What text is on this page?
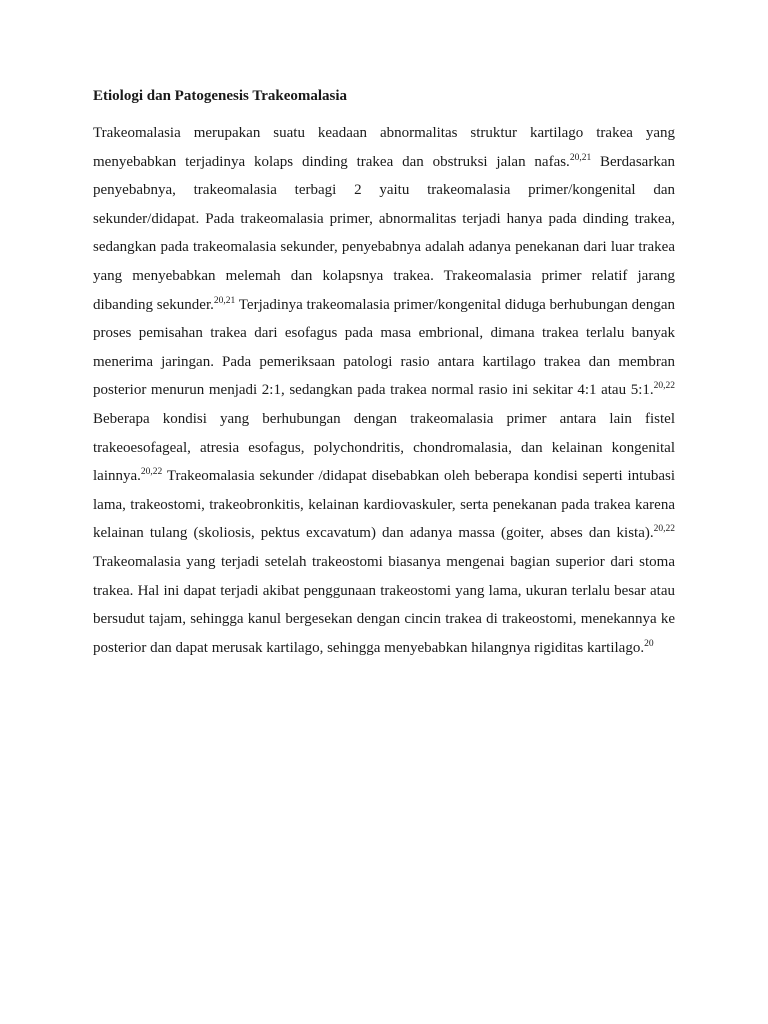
Etiologi dan Patogenesis Trakeomalasia

Trakeomalasia merupakan suatu keadaan abnormalitas struktur kartilago trakea yang menyebabkan terjadinya kolaps dinding trakea dan obstruksi jalan nafas.$^{20,21}$ Berdasarkan penyebabnya, trakeomalasia terbagi 2 yaitu trakeomalasia primer/kongenital dan sekunder/didapat. Pada trakeomalasia primer, abnormalitas terjadi hanya pada dinding trakea, sedangkan pada trakeomalasia sekunder, penyebabnya adalah adanya penekanan dari luar trakea yang menyebabkan melemah dan kolapsnya trakea. Trakeomalasia primer relatif jarang dibanding sekunder.$^{20,21}$ Terjadinya trakeomalasia primer/kongenital diduga berhubungan dengan proses pemisahan trakea dari esofagus pada masa embrional, dimana trakea terlalu banyak menerima jaringan. Pada pemeriksaan patologi rasio antara kartilago trakea dan membran posterior menurun menjadi 2:1, sedangkan pada trakea normal rasio ini sekitar 4:1 atau 5:1.$^{20,22}$ Beberapa kondisi yang berhubungan dengan trakeomalasia primer antara lain fistel trakeoesofageal, atresia esofagus, polychondritis, chondromalasia, dan kelainan kongenital lainnya.$^{20,22}$ Trakeomalasia sekunder /didapat disebabkan oleh beberapa kondisi seperti intubasi lama, trakeostomi, trakeobronkitis, kelainan kardiovaskuler, serta penekanan pada trakea karena kelainan tulang (skoliosis, pektus excavatum) dan adanya massa (goiter, abses dan kista).$^{20,22}$ Trakeomalasia yang terjadi setelah trakeostomi biasanya mengenai bagian superior dari stoma trakea. Hal ini dapat terjadi akibat penggunaan trakeostomi yang lama, ukuran terlalu besar atau bersudut tajam, sehingga kanul bergesekan dengan cincin trakea di trakeostomi, menekannya ke posterior dan dapat merusak kartilago, sehingga menyebabkan hilangnya rigiditas kartilago.$^{20}$
